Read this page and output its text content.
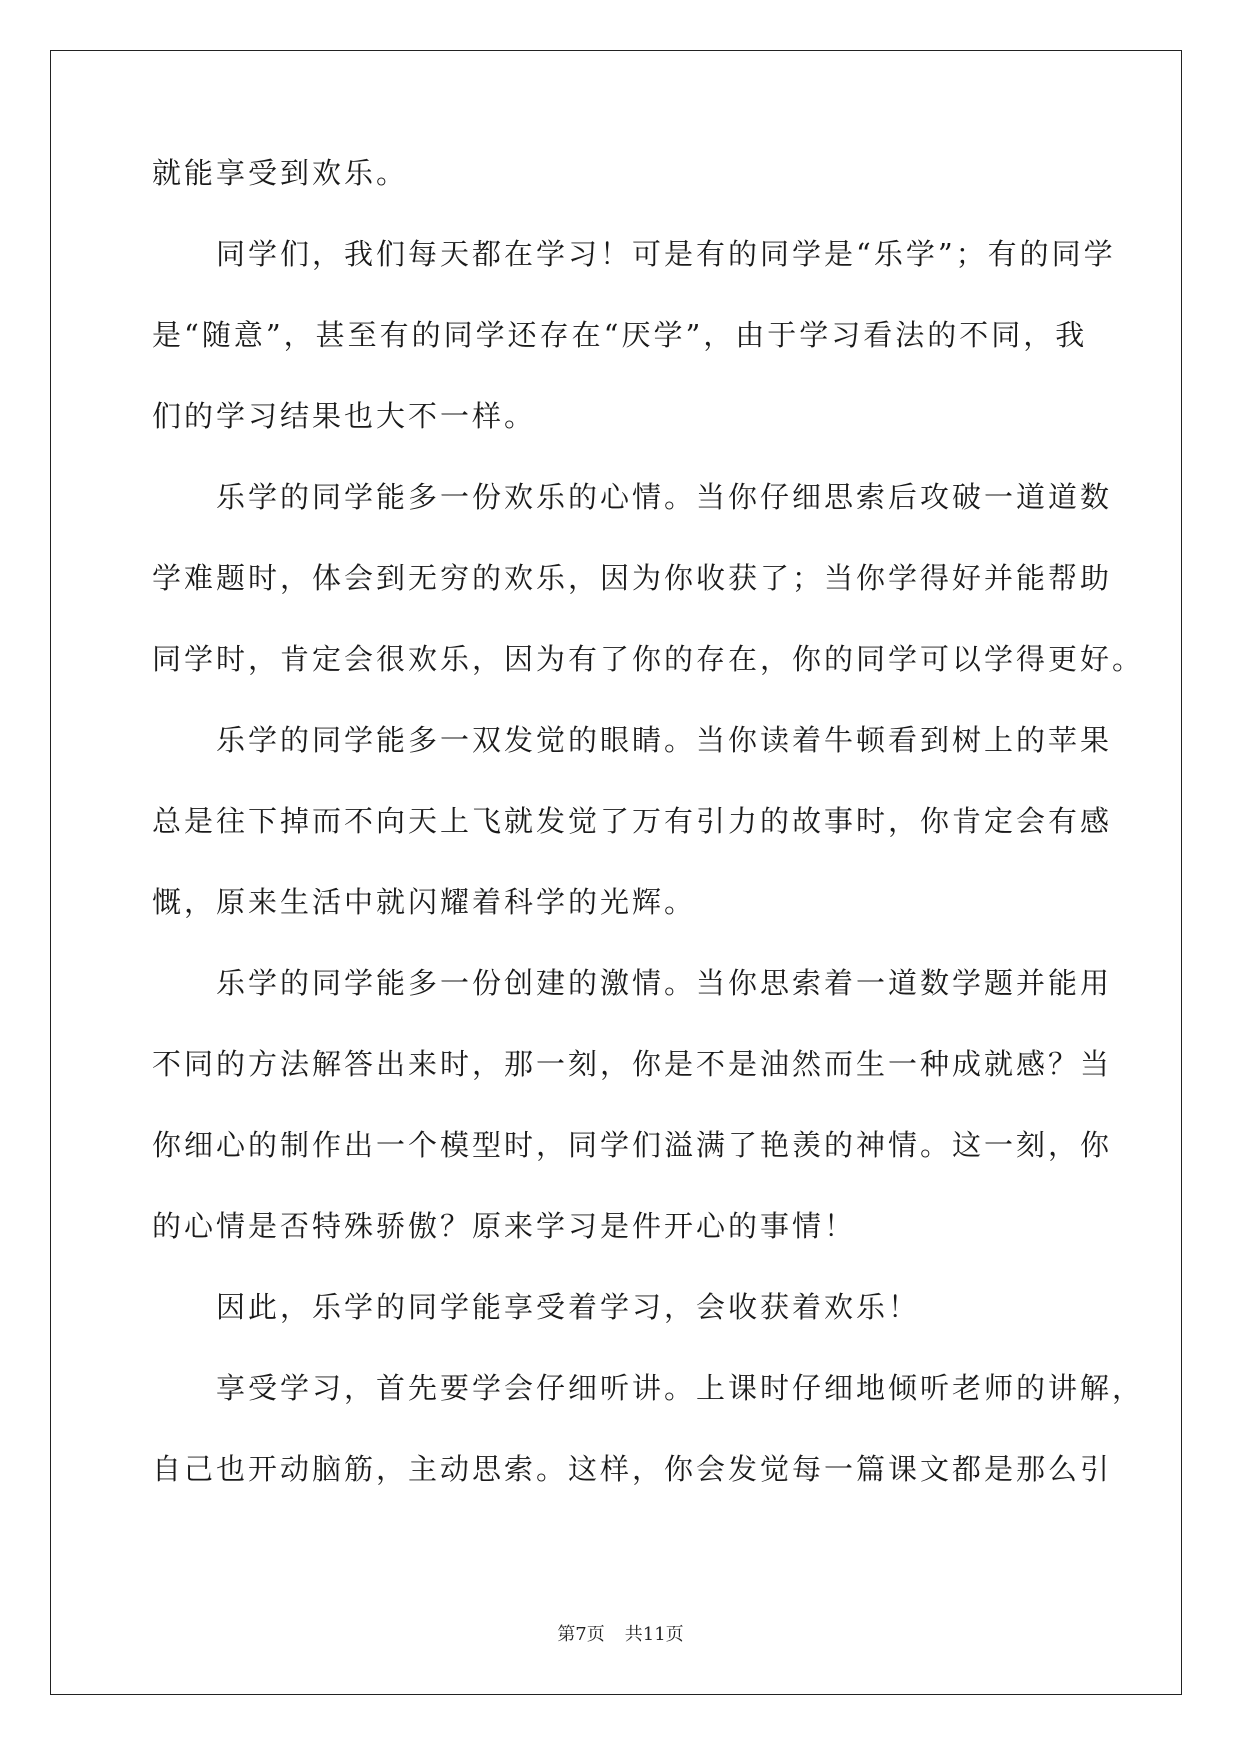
就能享受到欢乐。
同学们，我们每天都在学习！可是有的同学是“乐学”；有的同学
是“随意”，甚至有的同学还存在“厌学”，由于学习看法的不同，我
们的学习结果也大不一样。
乐学的同学能多一份欢乐的心情。当你仔细思索后攻破一道道数
学难题时，体会到无穷的欢乐，因为你收获了；当你学得好并能帮助
同学时，肯定会很欢乐，因为有了你的存在，你的同学可以学得更好。
乐学的同学能多一双发觉的眼睛。当你读着牛顿看到树上的苹果
总是往下掉而不向天上飞就发觉了万有引力的故事时，你肯定会有感
慨，原来生活中就闪耀着科学的光辉。
乐学的同学能多一份创建的激情。当你思索着一道数学题并能用
不同的方法解答出来时，那一刻，你是不是油然而生一种成就感？当
你细心的制作出一个模型时，同学们溢满了艳羡的神情。这一刻，你
的心情是否特殊骄傲？原来学习是件开心的事情！
因此，乐学的同学能享受着学习，会收获着欢乐！
享受学习，首先要学会仔细听讲。上课时仔细地倾听老师的讲解，
自己也开动脑筋，主动思索。这样，你会发觉每一篇课文都是那么引
第7页 共11页
